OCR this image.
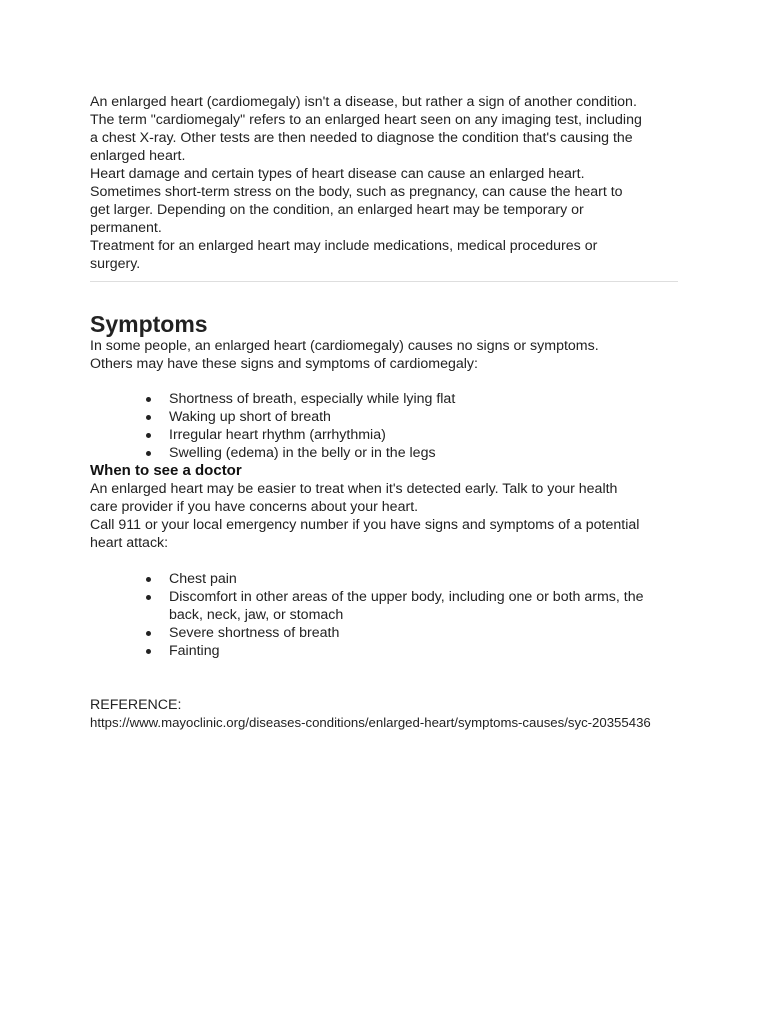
An enlarged heart (cardiomegaly) isn't a disease, but rather a sign of another condition.
The term "cardiomegaly" refers to an enlarged heart seen on any imaging test, including
a chest X-ray. Other tests are then needed to diagnose the condition that's causing the
enlarged heart.

Heart damage and certain types of heart disease can cause an enlarged heart.
Sometimes short-term stress on the body, such as pregnancy, can cause the heart to
get larger. Depending on the condition, an enlarged heart may be temporary or
permanent.

Treatment for an enlarged heart may include medications, medical procedures or
surgery.

Symptoms

In some people, an enlarged heart (cardiomegaly) causes no signs or symptoms.
Others may have these signs and symptoms of cardiomegaly:

Shortness of breath, especially while lying flat
Waking up short of breath
Irregular heart rhythm (arrhythmia)
Swelling (edema) in the belly or in the legs
When to see a doctor

An enlarged heart may be easier to treat when it's detected early. Talk to your health
care provider if you have concerns about your heart.

Call 911 or your local emergency number if you have signs and symptoms of a potential
heart attack:

Chest pain
Discomfort in other areas of the upper body, including one or both arms, the
back, neck, jaw, or stomach
Severe shortness of breath
Fainting

REFERENCE:

https://www.mayoclinic.org/diseases-conditions/enlarged-heart/symptoms-causes/syc-20355436
